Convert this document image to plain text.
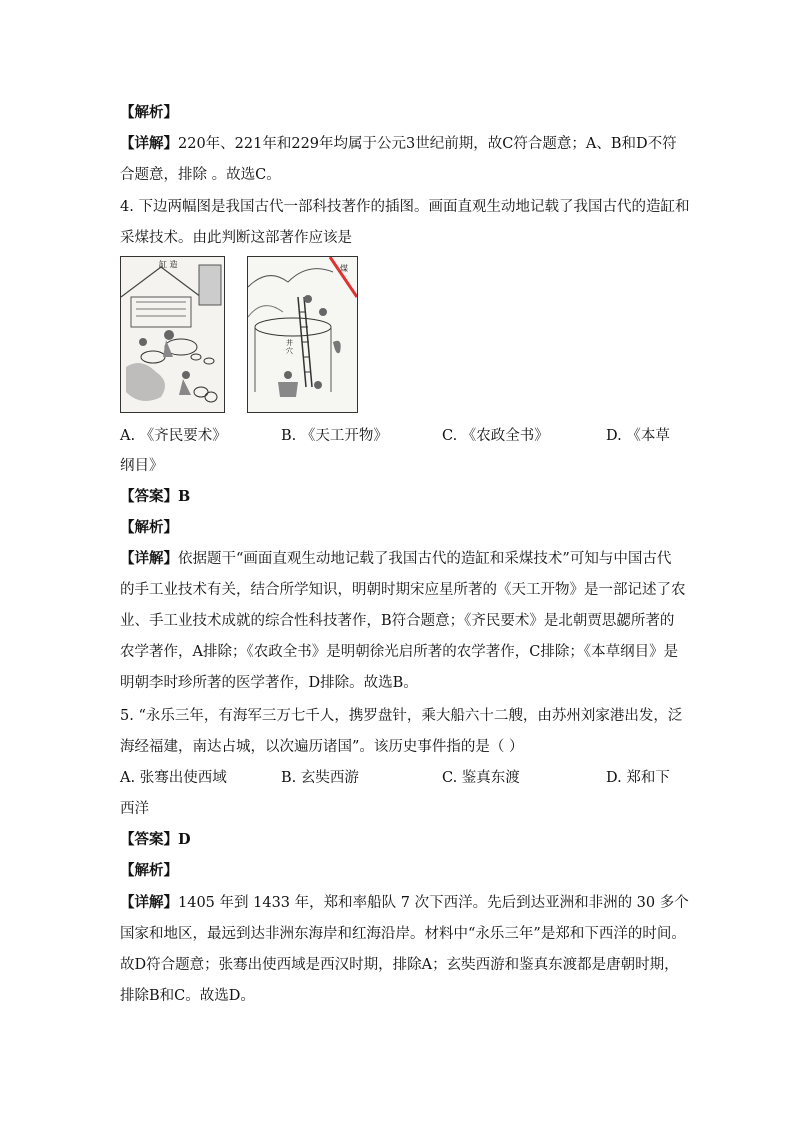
【解析】
【详解】220年、221年和229年均属于公元3世纪前期，故C符合题意；A、B和D不符
合题意，排除 。故选C。
4. 下边两幅图是我国古代一部科技著作的插图。画面直观生动地记载了我国古代的造缸和
采煤技术。由此判断这部著作应该是
缸 造	煤
井 穴
A. 《齐民要术》	B. 《天工开物》	C. 《农政全书》	D. 《本草
纲目》
【答案】B
【解析】
【详解】依据题干“画面直观生动地记载了我国古代的造缸和采煤技术”可知与中国古代
的手工业技术有关，结合所学知识，明朝时期宋应星所著的《天工开物》是一部记述了农
业、手工业技术成就的综合性科技著作，B符合题意；《齐民要术》是北朝贾思勰所著的
农学著作，A排除；《农政全书》是明朝徐光启所著的农学著作，C排除；《本草纲目》是
明朝李时珍所著的医学著作，D排除。故选B。
5. “永乐三年，有海军三万七千人，携罗盘针，乘大船六十二艘，由苏州刘家港出发，泛
海经福建，南达占城，以次遍历诸国”。该历史事件指的是（ ）
A. 张骞出使西域	B. 玄奘西游	C. 鉴真东渡	D. 郑和下
西洋
【答案】D
【解析】
【详解】1405 年到 1433 年，郑和率船队 7 次下西洋。先后到达亚洲和非洲的 30 多个
国家和地区，最远到达非洲东海岸和红海沿岸。材料中“永乐三年”是郑和下西洋的时间。
故D符合题意；张骞出使西域是西汉时期，排除A；玄奘西游和鉴真东渡都是唐朝时期，
排除B和C。故选D。
